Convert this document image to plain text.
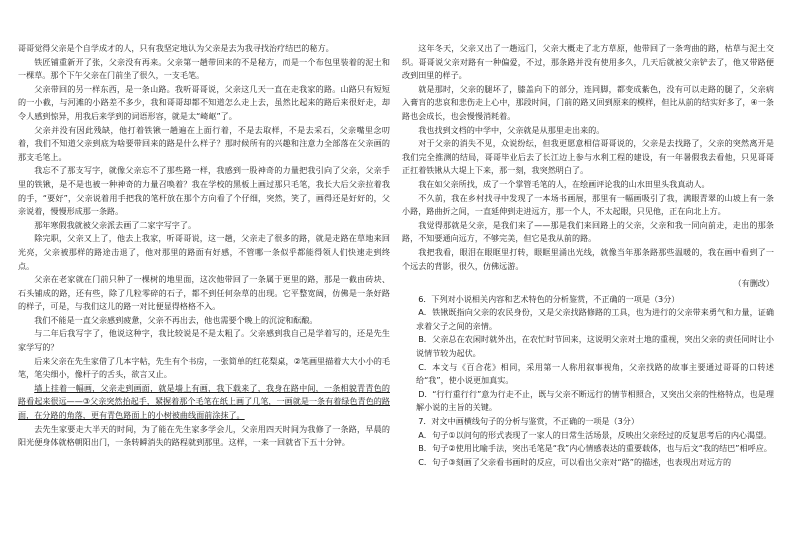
哥哥觉得父亲是个自学成才的人，只有我坚定地认为父亲是去为我寻找治疗结巴的秘方。

铁匠铺重新开了张，父亲没有再来。父亲第一趟带回来的不是秘方，而是一个布包里装着的泥土和一棵草。那个下午父亲在门前坐了很久，一支毛笔。

父亲带回的另一样东西，是一条山路。我听哥哥说，父亲这几天一直在走我家的路。山路只有短短的一小截，与河滩的小路差不多少，我和哥哥却都不知道怎么走上去，虽然比起来的路后来很好走，却令人感到惊异，用我后来学到的词语形容，就是太“崎岖”了。

父亲并没有因此残缺，他打着铁锹一趟遍在上面行着，不是去取样，不是去采石，父亲嘴里念叨着，我们不知道父亲到底为啥要带回来的路是什么样子？那时候所有的兴趣和注意力全部落在父亲画的那支毛笔上。

我忘不了那支写字，就像父亲忘不了那些路一样，我感到一股神奇的力量把我引向了父亲，父亲手里的铁锹，是不是也被一种神奇的力量召唤着？我在学校的黑板上画过那只毛笔，我长大后父亲拉着我的手，“要好”，父亲说着用手把我的笔杆放在那个方向看了个仔细，突然，笑了，画得还是好好的，父亲说着，慢慢形成那一条路。

那年寒假我就被父亲派去画了二家字写字了。

除完职，父亲又上了，他去上我家，听哥哥说，这一趟，父亲走了很多的路，就是走路在草地来回光亮，父亲被那样的路途击退了，他对那里的路面有好感，不管哪一条似乎都能得领人们快速走到终点。

父亲在老家就在门前只种了一棵树的地里面，这次他带回了一条属于更里的路，那是一截由砖块、石头铺成的路，还有些，除了几粒零碎的石子，都不到任何杂草的出现。它平整宽阔，仿佛是一条好路的样子，可是，与我们这儿的路一对比便显得格格不入。

我们不能是一直父亲感到疲惫，父亲不再出去，他也需要个晚上的沉淀和酝酿。

与二年后我写字了，他说这种字，我比较说是不是太粗了。父亲感到我自己是学着写的，还是先生家学写的？

后来父亲在先生家借了几本字帖，先生有个书房，一张简单的红花梨桌，②笔画里描着大大小小的毛笔，笔尖细小，像杆子的舌头，欲言又止。

墙上挂着一幅画，父亲走到画面，就是墙上有画，我下载来了，我身在路中间，一条相貌青青色的路看起来很远——③父亲突然抬起手，紧握着那个毛笔在纸上画了几笔，一画就是一条有着绿色青色的路面，在分路的角落，更有青色路面上的小树被曲线面前涂抹了。

去先生家要走大半天的时间，为了能在先生家多学会儿，父亲用四天时间为我修了一条路，早晨的阳光便身体就格朝阳出门，一条转瞬消失的路程就到那里。这样，一来一回就省下五十分钟。

这年冬天，父亲又出了一趟远门，父亲大概走了北方草原，他带回了一条弯曲的路，枯草与泥土交织。哥哥说父亲对路有一种偏爱，不过，那条路并没有使用多久，几天后就被父亲铲去了，他又带路便改到田里的样子。

就是那时，父亲的腿坏了，膝盖向下的部分，连同脚，都变成紫色，没有可以走路的腿了，父亲病入膏肓的悲哀和悲伤走上心中，那段时间，门前的路又回到原来的模样，但比从前的结实好多了，④一条路也会成长，也会慢慢消耗着。

我也找到文档的中学中，父亲就是从那里走出来的。

对于父亲的消失不见，众说纷纭，但我更愿意相信哥哥说的，父亲是去找路了，父亲的突然离开是我们完全推测的结局，哥哥毕业后去了长江边上参与水利工程的建设，有一年暑假我去看他，只见哥哥正扛着铁锹从大堤上下来，那一刻，我突然明白了。

我在如父亲所找，成了一个掌管毛笔的人，在绘画评论我的山水田里头我真动人。

不久前，我在乡村找寻中发现了一本场书画展，那里有一幅画吸引了我，满眼青翠的山坡上有一条小路，路曲折之间，一直延伸到走进远方，那一个人，不太起眼，只见他，正在向北上方。

我觉得那就是父亲，是我们来了——那是我们来回路上的父亲，父亲和我一同向前走，走出的那条路，不知要通向远方，不够完美，但它是我从前的路。

我把我看，眼泪在眼眶里打转，眼眶里涌出光线，就像当年那条路那些温暖的，我在画中看到了一个远去的背影，很久，仿佛远游。

（有删改）

6．下列对小说相关内容和艺术特色的分析鉴赏，不正确的一项是（3分）

A． 铁锹既指向父亲的农民身份，又是父亲找路修路的工具，也为进行的父亲带来勇气和力量，证确求着父子之间的亲情。

B． 父亲总在农闲时就外出，在农忙时节回来，这说明父亲对土地的重视，突出父亲的责任同时让小说情节较为起伏。

C． 本文与《百合花》相同，采用第一人称用叙事视角，父亲找路的故事主要通过哥哥的口转述给“我”，使小说更加真实。

D． “行行重行行”意为行走不止，既与父亲不断远行的情节相照合，又突出父亲的性格特点，也是理解小说的主旨的关键。

7．对文中画横线句子的分析与鉴赏，不正确的一项是（3分）

A． 句子①以问句的形式表现了一家人的日常生活场景，反映出父亲经过的反复思考后的内心渴望。

B． 句子②使用比喻手法，突出毛笔是“我”内心情感表达的重要载体，也与后文“我的结巴”相呼应。

C． 句子③刻画了父亲看书画时的反应，可以看出父亲对“路”的描述，也表现出对远方的
